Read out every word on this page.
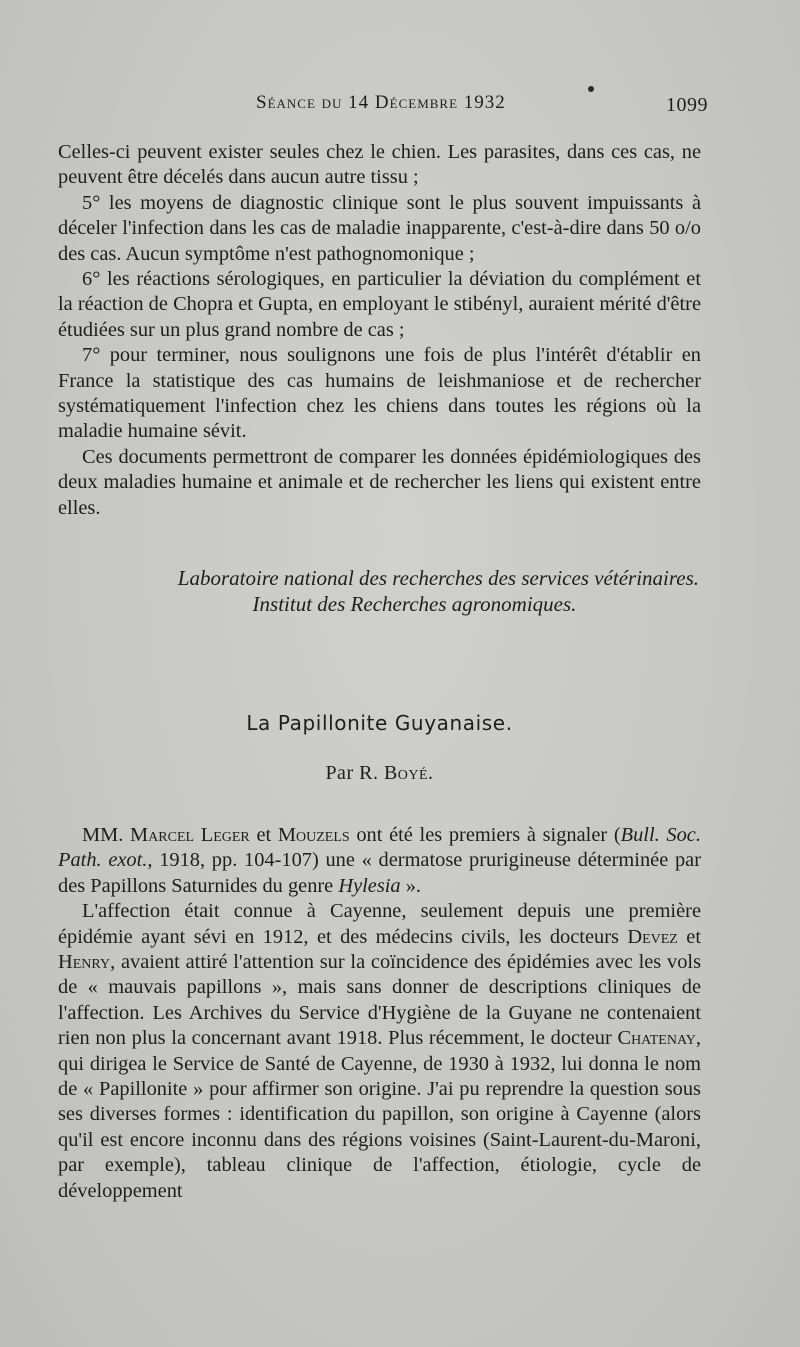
Séance du 14 Décembre 1932	1099

Celles-ci peuvent exister seules chez le chien. Les parasites, dans ces cas, ne peuvent être décelés dans aucun autre tissu ;

5° les moyens de diagnostic clinique sont le plus souvent impuissants à déceler l'infection dans les cas de maladie inapparente, c'est-à-dire dans 50 o/o des cas. Aucun symptôme n'est pathognomonique ;

6° les réactions sérologiques, en particulier la déviation du complément et la réaction de Chopra et Gupta, en employant le stibényl, auraient mérité d'être étudiées sur un plus grand nombre de cas ;

7° pour terminer, nous soulignons une fois de plus l'intérêt d'établir en France la statistique des cas humains de leishmaniose et de rechercher systématiquement l'infection chez les chiens dans toutes les régions où la maladie humaine sévit.

Ces documents permettront de comparer les données épidémiologiques des deux maladies humaine et animale et de rechercher les liens qui existent entre elles.

Laboratoire national des recherches des services vétérinaires.
Institut des Recherches agronomiques.
La Papillonite Guyanaise.
Par R. Boyé.

MM. Marcel Leger et Mouzels ont été les premiers à signaler (Bull. Soc. Path. exot., 1918, pp. 104-107) une « dermatose prurigineuse déterminée par des Papillons Saturnides du genre Hylesia ».

L'affection était connue à Cayenne, seulement depuis une première épidémie ayant sévi en 1912, et des médecins civils, les docteurs Devez et Henry, avaient attiré l'attention sur la coïncidence des épidémies avec les vols de « mauvais papillons », mais sans donner de descriptions cliniques de l'affection. Les Archives du Service d'Hygiène de la Guyane ne contenaient rien non plus la concernant avant 1918. Plus récemment, le docteur Chatenay, qui dirigea le Service de Santé de Cayenne, de 1930 à 1932, lui donna le nom de « Papillonite » pour affirmer son origine. J'ai pu reprendre la question sous ses diverses formes : identification du papillon, son origine à Cayenne (alors qu'il est encore inconnu dans des régions voisines (Saint-Laurent-du-Maroni, par exemple), tableau clinique de l'affection, étiologie, cycle de développement
